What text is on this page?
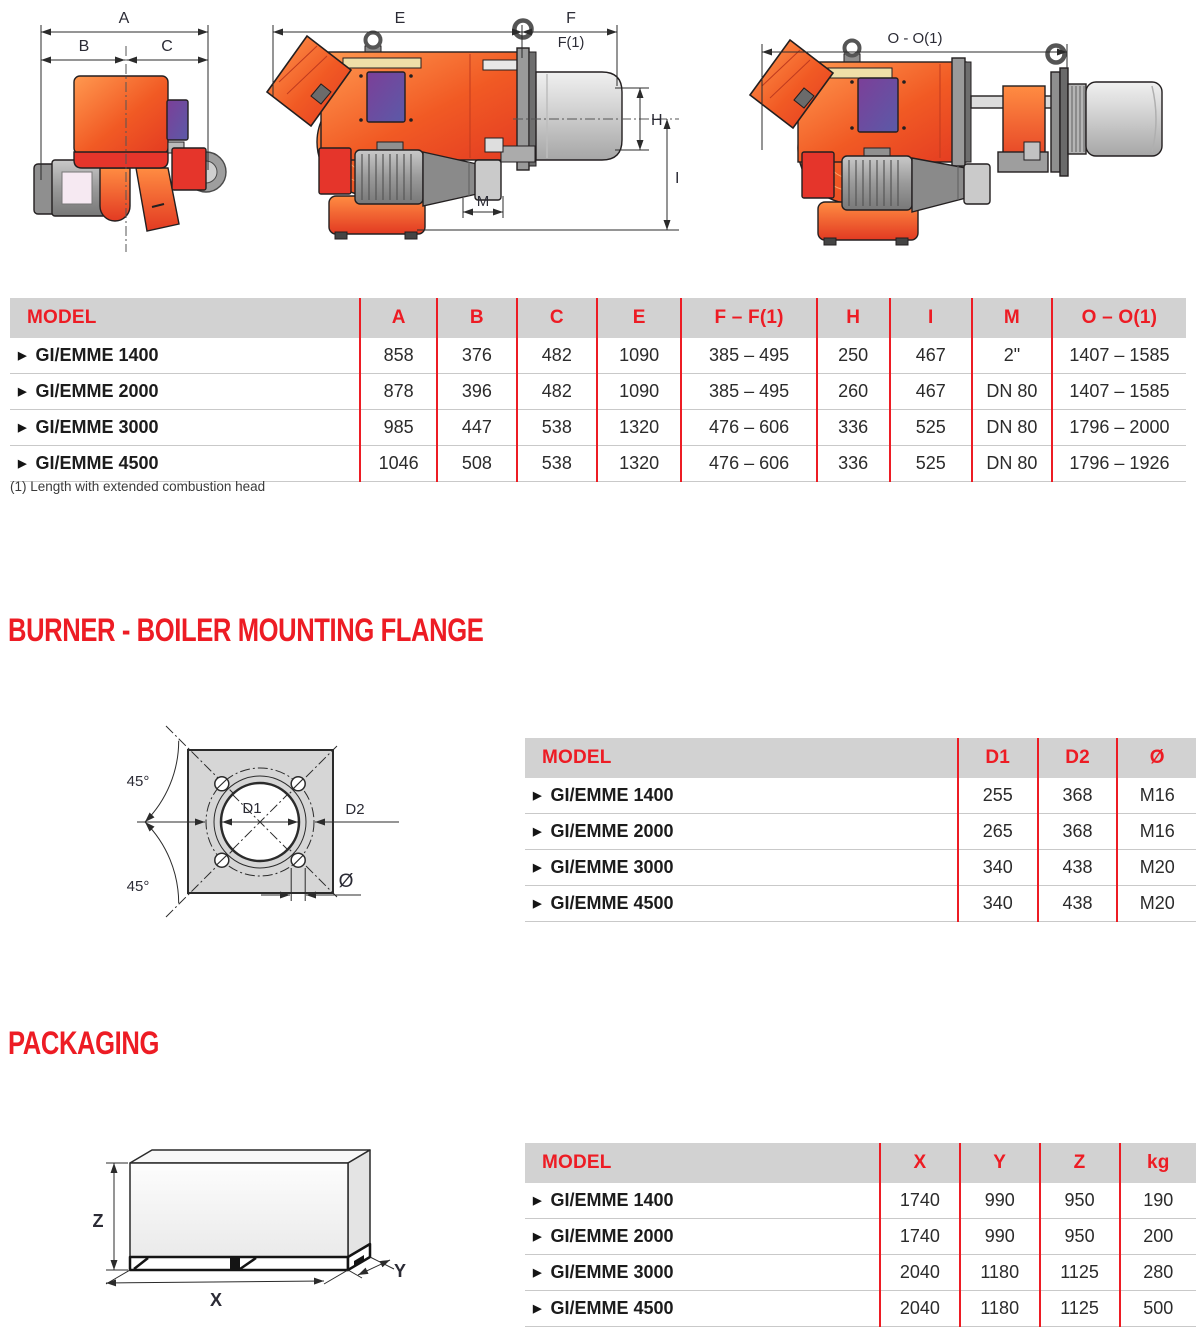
A
B	C
E	F
F(1)
H
I
M
O - O(1)
MODEL	A	B	C	E	F – F(1)	H	I	M	O – O(1)
▶ GI/EMME 1400	858	376	482	1090	385 – 495	250	467	2"	1407 – 1585
▶ GI/EMME 2000	878	396	482	1090	385 – 495	260	467	DN 80	1407 – 1585
▶ GI/EMME 3000	985	447	538	1320	476 – 606	336	525	DN 80	1796 – 2000
▶ GI/EMME 4500	1046	508	538	1320	476 – 606	336	525	DN 80	1796 – 1926
(1) Length with extended combustion head
BURNER - BOILER MOUNTING FLANGE
45°
45°
D1	D2
Ø
MODEL	D1	D2	Ø
▶ GI/EMME 1400	255	368	M16
▶ GI/EMME 2000	265	368	M16
▶ GI/EMME 3000	340	438	M20
▶ GI/EMME 4500	340	438	M20
PACKAGING
Z
X
Y
MODEL	X	Y	Z	kg
▶ GI/EMME 1400	1740	990	950	190
▶ GI/EMME 2000	1740	990	950	200
▶ GI/EMME 3000	2040	1180	1125	280
▶ GI/EMME 4500	2040	1180	1125	500
